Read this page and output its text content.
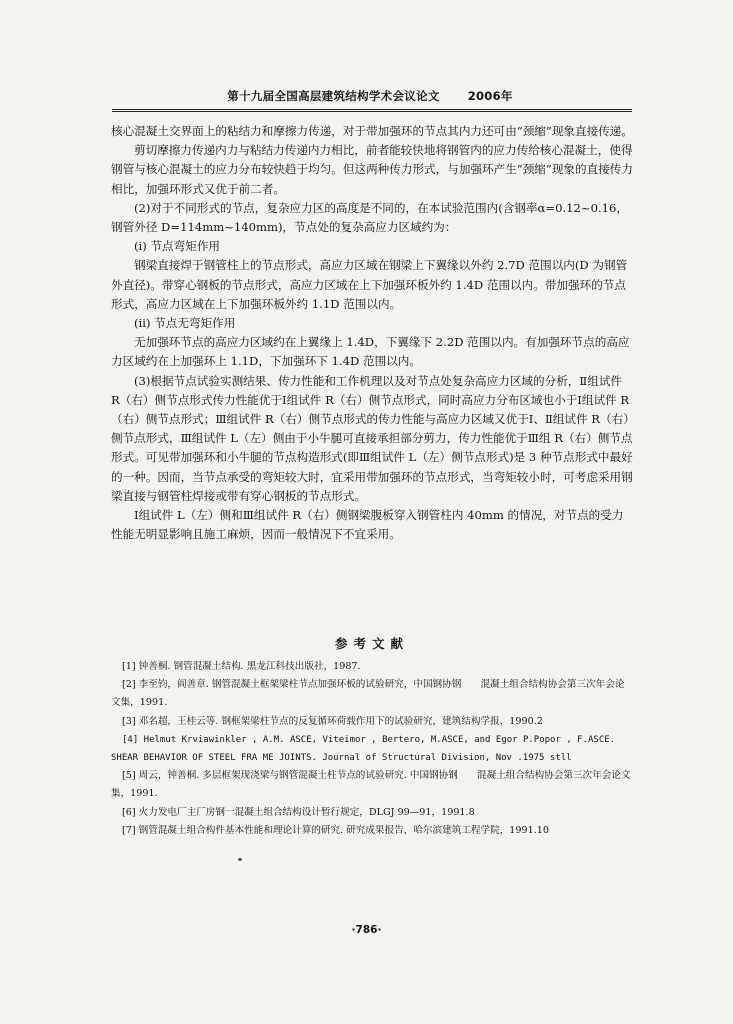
第十九届全国高层建筑结构学术会议论文 2006年

核心混凝土交界面上的粘结力和摩擦力传递，对于带加强环的节点其内力还可由“颈缩”现象直接传递。

剪切摩擦力传递内力与粘结力传递内力相比，前者能较快地将钢管内的应力传给核心混凝土，使得钢管与核心混凝土的应力分布较快趋于均匀。但这两种传力形式，与加强环产生“颈缩”现象的直接传力相比，加强环形式又优于前二者。

(2)对于不同形式的节点，复杂应力区的高度是不同的，在本试验范围内(含钢率α=0.12~0.16，钢管外径 D=114mm~140mm)，节点处的复杂高应力区域约为：

(i) 节点弯矩作用

钢梁直接焊于钢管柱上的节点形式，高应力区域在钢梁上下翼缘以外约 2.7D 范围以内(D 为钢管外直径)。带穿心钢板的节点形式，高应力区域在上下加强环板外约 1.4D 范围以内。带加强环的节点形式，高应力区域在上下加强环板外约 1.1D 范围以内。

(ii) 节点无弯矩作用

无加强环节点的高应力区域约在上翼缘上 1.4D，下翼缘下 2.2D 范围以内。有加强环节点的高应力区域约在上加强环上 1.1D，下加强环下 1.4D 范围以内。

(3)根据节点试验实测结果、传力性能和工作机理以及对节点处复杂高应力区域的分析，Ⅱ组试件 R（右）侧节点形式传力性能优于Ⅰ组试件 R（右）侧节点形式，同时高应力分布区域也小于Ⅰ组试件 R（右）侧节点形式；Ⅲ组试件 R（右）侧节点形式的传力性能与高应力区域又优于Ⅰ、Ⅱ组试件 R（右）侧节点形式，Ⅲ组试件 L（左）侧由于小牛腿可直接承担部分剪力，传力性能优于Ⅲ组 R（右）侧节点形式。可见带加强环和小牛腿的节点构造形式(即Ⅲ组试件 L（左）侧节点形式)是 3 种节点形式中最好的一种。因而，当节点承受的弯矩较大时，宜采用带加强环的节点形式，当弯矩较小时，可考虑采用钢梁直接与钢管柱焊接或带有穿心钢板的节点形式。

Ⅰ组试件 L（左）侧和Ⅲ组试件 R（右）侧钢梁腹板穿入钢管柱内 40mm 的情况，对节点的受力性能无明显影响且施工麻烦，因而一般情况下不宜采用。

参考文献

[1] 钟善桐. 钢管混凝土结构. 黑龙江科技出版社，1987.

[2] 李至钧，阎善章. 钢管混凝土框架梁柱节点加强环板的试验研究，中国钢协钢　　混凝土组合结构协会第三次年会论文集，1991.

[3] 邓名超，王桂云等. 钢框架梁柱节点的反复循环荷载作用下的试验研究，建筑结构学报，1990.2

[4] Helmut Krviawinkler , A.M. ASCE, Viteimor , Bertero, M.ASCE, and Egor P.Popor , F.ASCE. SHEAR BEHAVIOR OF STEEL FRA ME JOINTS. Journal of Structural Division, Nov .1975 stll

[5] 周云，钟善桐. 多层框架现浇梁与钢管混凝土柱节点的试验研究. 中国钢协钢　　混凝土组合结构协会第三次年会论文集，1991.

[6] 火力发电厂主厂房钢一混凝土组合结构设计暂行规定，DLGJ 99—91，1991.8

[7] 钢管混凝土组合构件基本性能和理论计算的研究. 研究成果报告，哈尔滨建筑工程学院，1991.10

·786·
